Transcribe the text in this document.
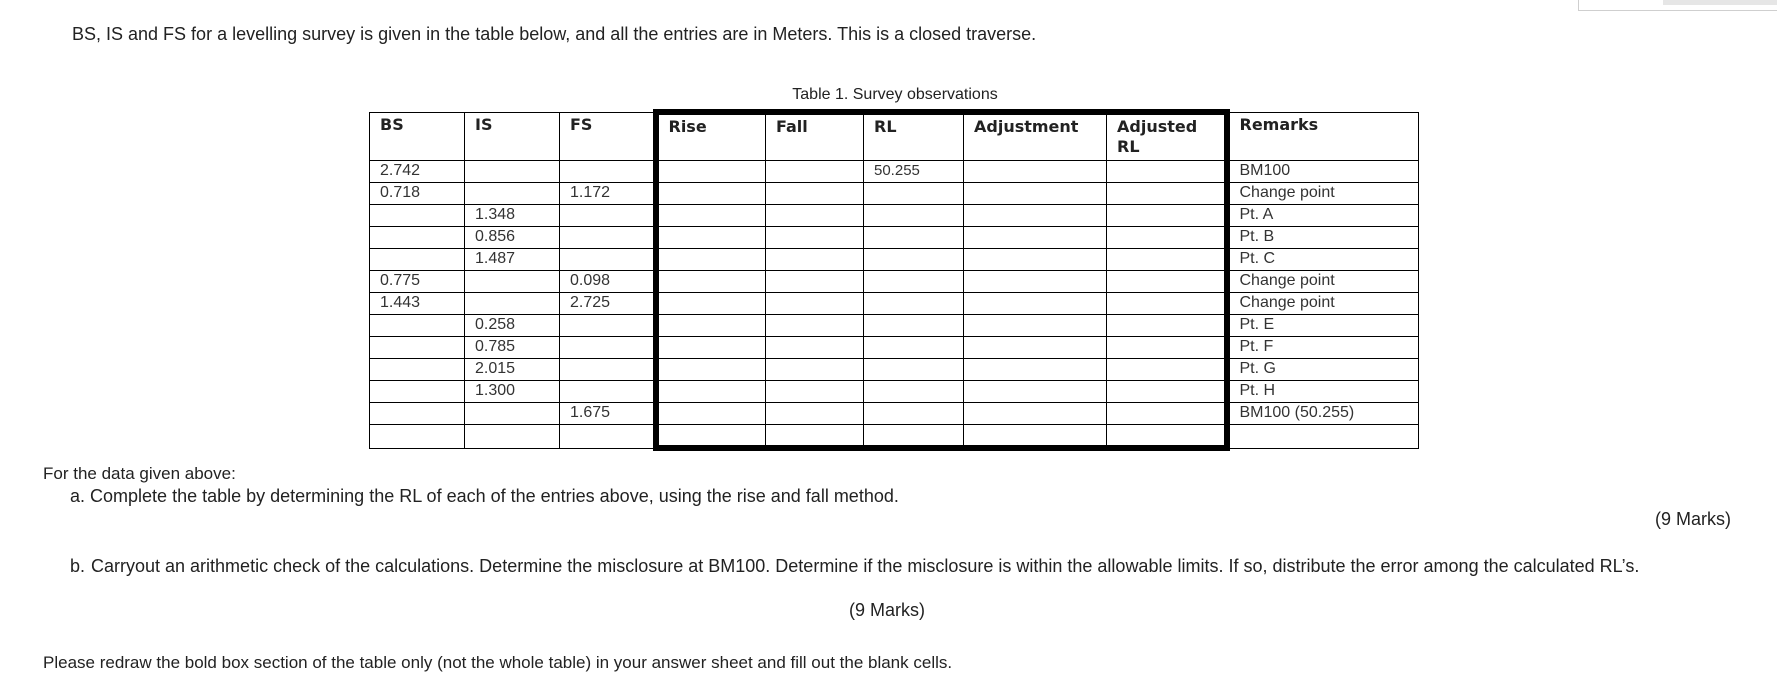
BS, IS and FS for a levelling survey is given in the table below, and all the entries are in Meters. This is a closed traverse.
Table 1. Survey observations
BS	IS	FS	Rise	Fall	RL	Adjustment	Adjusted RL	Remarks
2.742					50.255			BM100
0.718		1.172						Change point
	1.348							Pt. A
	0.856							Pt. B
	1.487							Pt. C
0.775		0.098						Change point
1.443		2.725						Change point
	0.258							Pt. E
	0.785							Pt. F
	2.015							Pt. G
	1.300							Pt. H
		1.675						BM100 (50.255)

For the data given above:
a. Complete the table by determining the RL of each of the entries above, using the rise and fall method.
(9 Marks)
b. Carryout an arithmetic check of the calculations. Determine the misclosure at BM100. Determine if the misclosure is within the allowable limits. If so, distribute the error among the calculated RL’s.
(9 Marks)
Please redraw the bold box section of the table only (not the whole table) in your answer sheet and fill out the blank cells.
